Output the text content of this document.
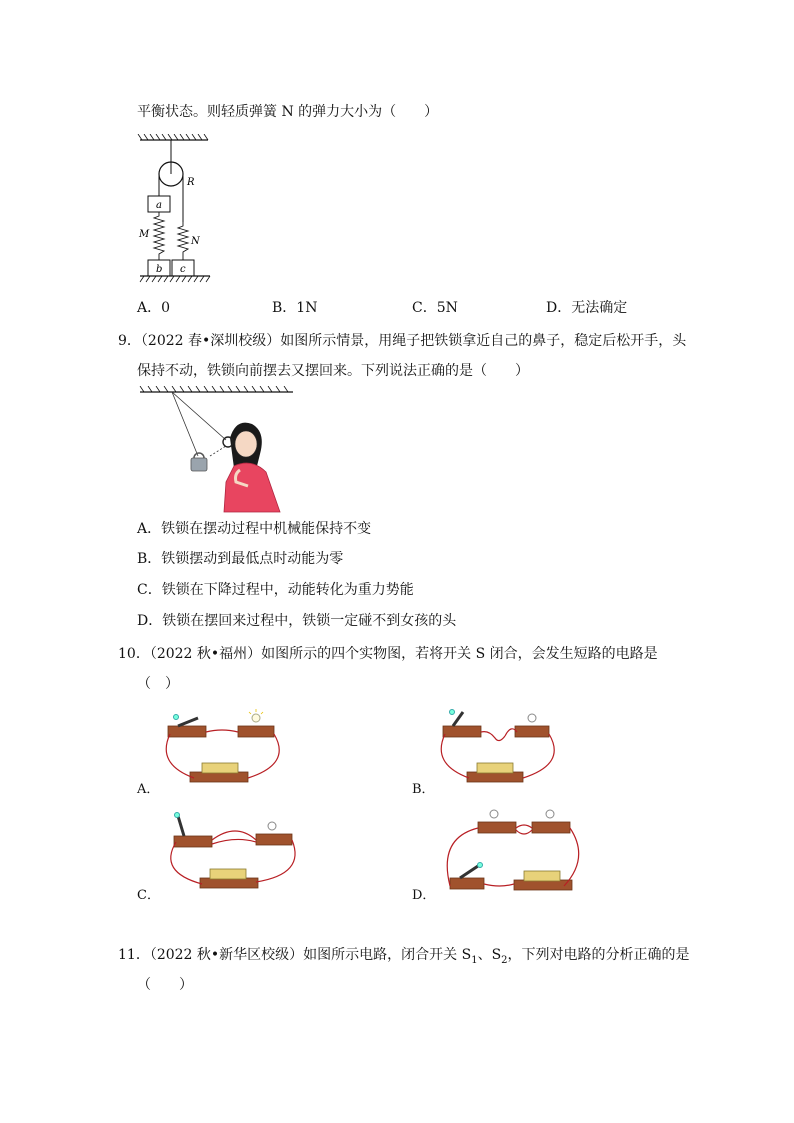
平衡状态。则轻质弹簧 N 的弹力大小为（　　）
a
b c
M
N
R
A．0	B．1N	C．5N	D．无法确定
9．（2022 春•深圳校级）如图所示情景，用绳子把铁锁拿近自己的鼻子，稳定后松开手，头
保持不动，铁锁向前摆去又摆回来。下列说法正确的是（　　）
A．铁锁在摆动过程中机械能保持不变
B．铁锁摆动到最低点时动能为零
C．铁锁在下降过程中，动能转化为重力势能
D．铁锁在摆回来过程中，铁锁一定碰不到女孩的头
10．（2022 秋•福州）如图所示的四个实物图，若将开关 S 闭合，会发生短路的电路是
（　）
A．	B．
C．	D．
11．（2022 秋•新华区校级）如图所示电路，闭合开关 $S_1$、$S_2$，下列对电路的分析正确的是
（　　）
